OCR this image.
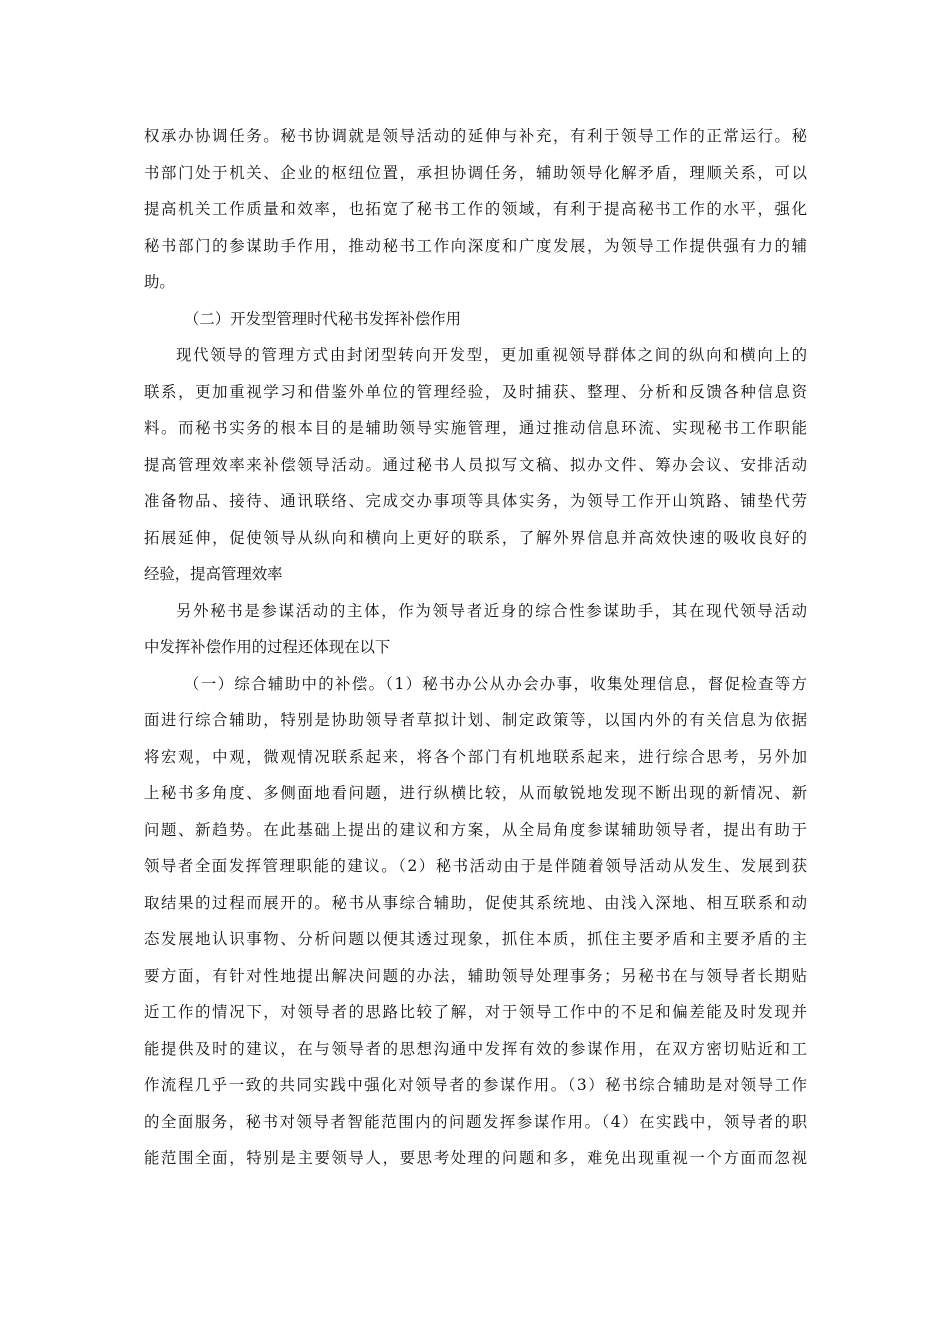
权承办协调任务。秘书协调就是领导活动的延伸与补充，有利于领导工作的正常运行。秘
书部门处于机关、企业的枢纽位置，承担协调任务，辅助领导化解矛盾，理顺关系，可以
提高机关工作质量和效率，也拓宽了秘书工作的领域，有利于提高秘书工作的水平，强化
秘书部门的参谋助手作用，推动秘书工作向深度和广度发展，为领导工作提供强有力的辅
助。
（二）开发型管理时代秘书发挥补偿作用
现代领导的管理方式由封闭型转向开发型，更加重视领导群体之间的纵向和横向上的
联系，更加重视学习和借鉴外单位的管理经验，及时捕获、整理、分析和反馈各种信息资
料。而秘书实务的根本目的是辅助领导实施管理，通过推动信息环流、实现秘书工作职能
提高管理效率来补偿领导活动。通过秘书人员拟写文稿、拟办文件、筹办会议、安排活动
准备物品、接待、通讯联络、完成交办事项等具体实务，为领导工作开山筑路、铺垫代劳
拓展延伸，促使领导从纵向和横向上更好的联系，了解外界信息并高效快速的吸收良好的
经验，提高管理效率
另外秘书是参谋活动的主体，作为领导者近身的综合性参谋助手，其在现代领导活动
中发挥补偿作用的过程还体现在以下
（一）综合辅助中的补偿。（1）秘书办公从办会办事，收集处理信息，督促检查等方
面进行综合辅助，特别是协助领导者草拟计划、制定政策等，以国内外的有关信息为依据
将宏观，中观，微观情况联系起来，将各个部门有机地联系起来，进行综合思考，另外加
上秘书多角度、多侧面地看问题，进行纵横比较，从而敏锐地发现不断出现的新情况、新
问题、新趋势。在此基础上提出的建议和方案，从全局角度参谋辅助领导者，提出有助于
领导者全面发挥管理职能的建议。（2）秘书活动由于是伴随着领导活动从发生、发展到获
取结果的过程而展开的。秘书从事综合辅助，促使其系统地、由浅入深地、相互联系和动
态发展地认识事物、分析问题以便其透过现象，抓住本质，抓住主要矛盾和主要矛盾的主
要方面，有针对性地提出解决问题的办法，辅助领导处理事务；另秘书在与领导者长期贴
近工作的情况下，对领导者的思路比较了解，对于领导工作中的不足和偏差能及时发现并
能提供及时的建议，在与领导者的思想沟通中发挥有效的参谋作用，在双方密切贴近和工
作流程几乎一致的共同实践中强化对领导者的参谋作用。（3）秘书综合辅助是对领导工作
的全面服务，秘书对领导者智能范围内的问题发挥参谋作用。（4）在实践中，领导者的职
能范围全面，特别是主要领导人，要思考处理的问题和多，难免出现重视一个方面而忽视
